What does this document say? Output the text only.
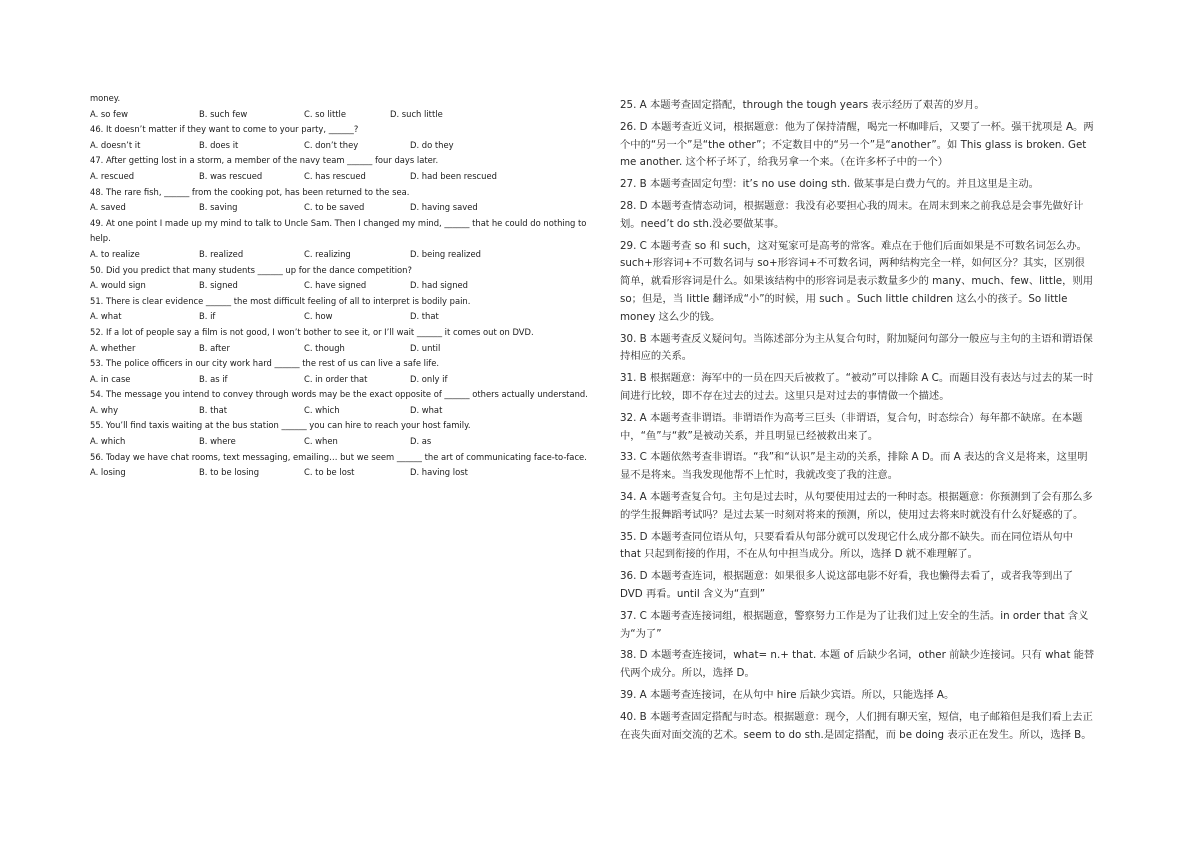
money.
A. so few	B. such few	C. so little	D. such little
46. It doesn’t matter if they want to come to your party, ______?
A. doesn’t it	B. does it	C. don’t they	D. do they
47. After getting lost in a storm, a member of the navy team ______ four days later.
A. rescued	B. was rescued	C. has rescued	D. had been rescued
48. The rare fish, ______ from the cooking pot, has been returned to the sea.
A. saved	B. saving	C. to be saved	D. having saved
49. At one point I made up my mind to talk to Uncle Sam. Then I changed my mind, ______ that he could do nothing to
help.
A. to realize	B. realized	C. realizing	D. being realized
50. Did you predict that many students ______ up for the dance competition?
A. would sign	B. signed	C. have signed	D. had signed
51. There is clear evidence ______ the most difficult feeling of all to interpret is bodily pain.
A. what	B. if	C. how	D. that
52. If a lot of people say a film is not good, I won’t bother to see it, or I’ll wait ______ it comes out on DVD.
A. whether	B. after	C. though	D. until
53. The police officers in our city work hard ______ the rest of us can live a safe life.
A. in case	B. as if	C. in order that	D. only if
54. The message you intend to convey through words may be the exact opposite of ______ others actually understand.
A. why	B. that	C. which	D. what
55. You’ll find taxis waiting at the bus station ______ you can hire to reach your host family.
A. which	B. where	C. when	D. as
56. Today we have chat rooms, text messaging, emailing… but we seem ______ the art of communicating face-to-face.
A. losing	B. to be losing	C. to be lost	D. having lost
25. A 本题考查固定搭配，through the tough years 表示经历了艰苦的岁月。
26. D 本题考查近义词，根据题意：他为了保持清醒，喝完一杯咖啡后，又要了一杯。强干扰项是 A。两个中的“另一个”是“the other”；不定数目中的“另一个”是“another”。如 This glass is broken. Get me another. 这个杯子坏了，给我另拿一个来。（在许多杯子中的一个）
27. B 本题考查固定句型：it’s no use doing sth. 做某事是白费力气的。并且这里是主动。
28. D 本题考查情态动词，根据题意：我没有必要担心我的周末。在周末到来之前我总是会事先做好计划。need’t do sth.没必要做某事。
29. C 本题考查 so 和 such，这对冤家可是高考的常客。难点在于他们后面如果是不可数名词怎么办。such+形容词+不可数名词与 so+形容词+不可数名词，两种结构完全一样，如何区分？其实，区别很简单，就看形容词是什么。如果该结构中的形容词是表示数量多少的 many、much、few、little，则用 so；但是，当 little 翻译成“小”的时候，用 such 。Such little children 这么小的孩子。So little money 这么少的钱。
30. B 本题考查反义疑问句。当陈述部分为主从复合句时，附加疑问句部分一般应与主句的主语和谓语保持相应的关系。
31. B 根据题意：海军中的一员在四天后被救了。“被动”可以排除 A C。而题目没有表达与过去的某一时间进行比较，即不存在过去的过去。这里只是对过去的事情做一个描述。
32. A 本题考查非谓语。非谓语作为高考三巨头（非谓语，复合句，时态综合）每年都不缺席。在本题中，“鱼”与“救”是被动关系，并且明显已经被救出来了。
33. C 本题依然考查非谓语。“我”和“认识”是主动的关系，排除 A D。而 A 表达的含义是将来，这里明显不是将来。当我发现他帮不上忙时，我就改变了我的注意。
34. A 本题考查复合句。主句是过去时，从句要使用过去的一种时态。根据题意：你预测到了会有那么多的学生报舞蹈考试吗？是过去某一时刻对将来的预测，所以，使用过去将来时就没有什么好疑惑的了。
35. D 本题考查同位语从句，只要看看从句部分就可以发现它什么成分都不缺失。而在同位语从句中 that 只起到衔接的作用，不在从句中担当成分。所以，选择 D 就不难理解了。
36. D 本题考查连词，根据题意：如果很多人说这部电影不好看，我也懒得去看了，或者我等到出了 DVD 再看。until 含义为“直到”
37. C 本题考查连接词组，根据题意，警察努力工作是为了让我们过上安全的生活。in order that 含义为“为了”
38. D 本题考查连接词，what= n.+ that. 本题 of 后缺少名词，other 前缺少连接词。只有 what 能替代两个成分。所以，选择 D。
39. A 本题考查连接词，在从句中 hire 后缺少宾语。所以，只能选择 A。
40. B 本题考查固定搭配与时态。根据题意：现今，人们拥有聊天室，短信，电子邮箱但是我们看上去正在丧失面对面交流的艺术。seem to do sth.是固定搭配，而 be doing 表示正在发生。所以，选择 B。
